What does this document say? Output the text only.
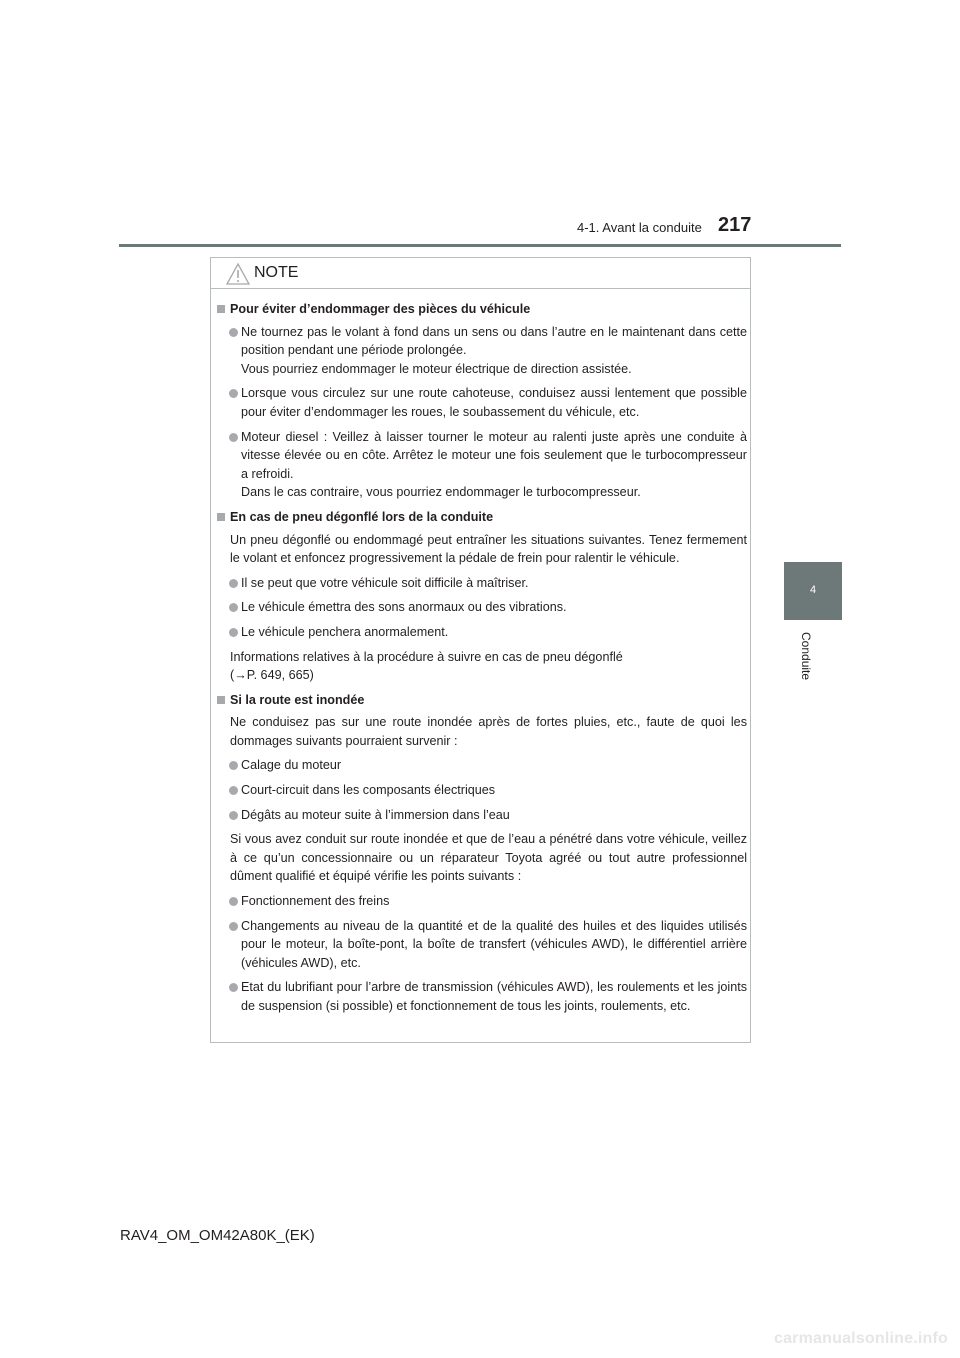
4-1. Avant la conduite 217
4
Conduite
NOTE
Pour éviter d’endommager des pièces du véhicule
Ne tournez pas le volant à fond dans un sens ou dans l’autre en le maintenant dans cette position pendant une période prolongée.
Vous pourriez endommager le moteur électrique de direction assistée.
Lorsque vous circulez sur une route cahoteuse, conduisez aussi lentement que possible pour éviter d’endommager les roues, le soubassement du véhicule, etc.
Moteur diesel : Veillez à laisser tourner le moteur au ralenti juste après une conduite à vitesse élevée ou en côte. Arrêtez le moteur une fois seulement que le turbocompresseur a refroidi.
Dans le cas contraire, vous pourriez endommager le turbocompresseur.
En cas de pneu dégonflé lors de la conduite
Un pneu dégonflé ou endommagé peut entraîner les situations suivantes. Tenez fermement le volant et enfoncez progressivement la pédale de frein pour ralentir le véhicule.
Il se peut que votre véhicule soit difficile à maîtriser.
Le véhicule émettra des sons anormaux ou des vibrations.
Le véhicule penchera anormalement.
Informations relatives à la procédure à suivre en cas de pneu dégonflé
(→P. 649, 665)
Si la route est inondée
Ne conduisez pas sur une route inondée après de fortes pluies, etc., faute de quoi les dommages suivants pourraient survenir :
Calage du moteur
Court-circuit dans les composants électriques
Dégâts au moteur suite à l’immersion dans l’eau
Si vous avez conduit sur route inondée et que de l’eau a pénétré dans votre véhicule, veillez à ce qu’un concessionnaire ou un réparateur Toyota agréé ou tout autre professionnel dûment qualifié et équipé vérifie les points suivants :
Fonctionnement des freins
Changements au niveau de la quantité et de la qualité des huiles et des liquides utilisés pour le moteur, la boîte-pont, la boîte de transfert (véhicules AWD), le différentiel arrière (véhicules AWD), etc.
Etat du lubrifiant pour l’arbre de transmission (véhicules AWD), les roulements et les joints de suspension (si possible) et fonctionnement de tous les joints, roulements, etc.
RAV4_OM_OM42A80K_(EK)
carmanualsonline.info
